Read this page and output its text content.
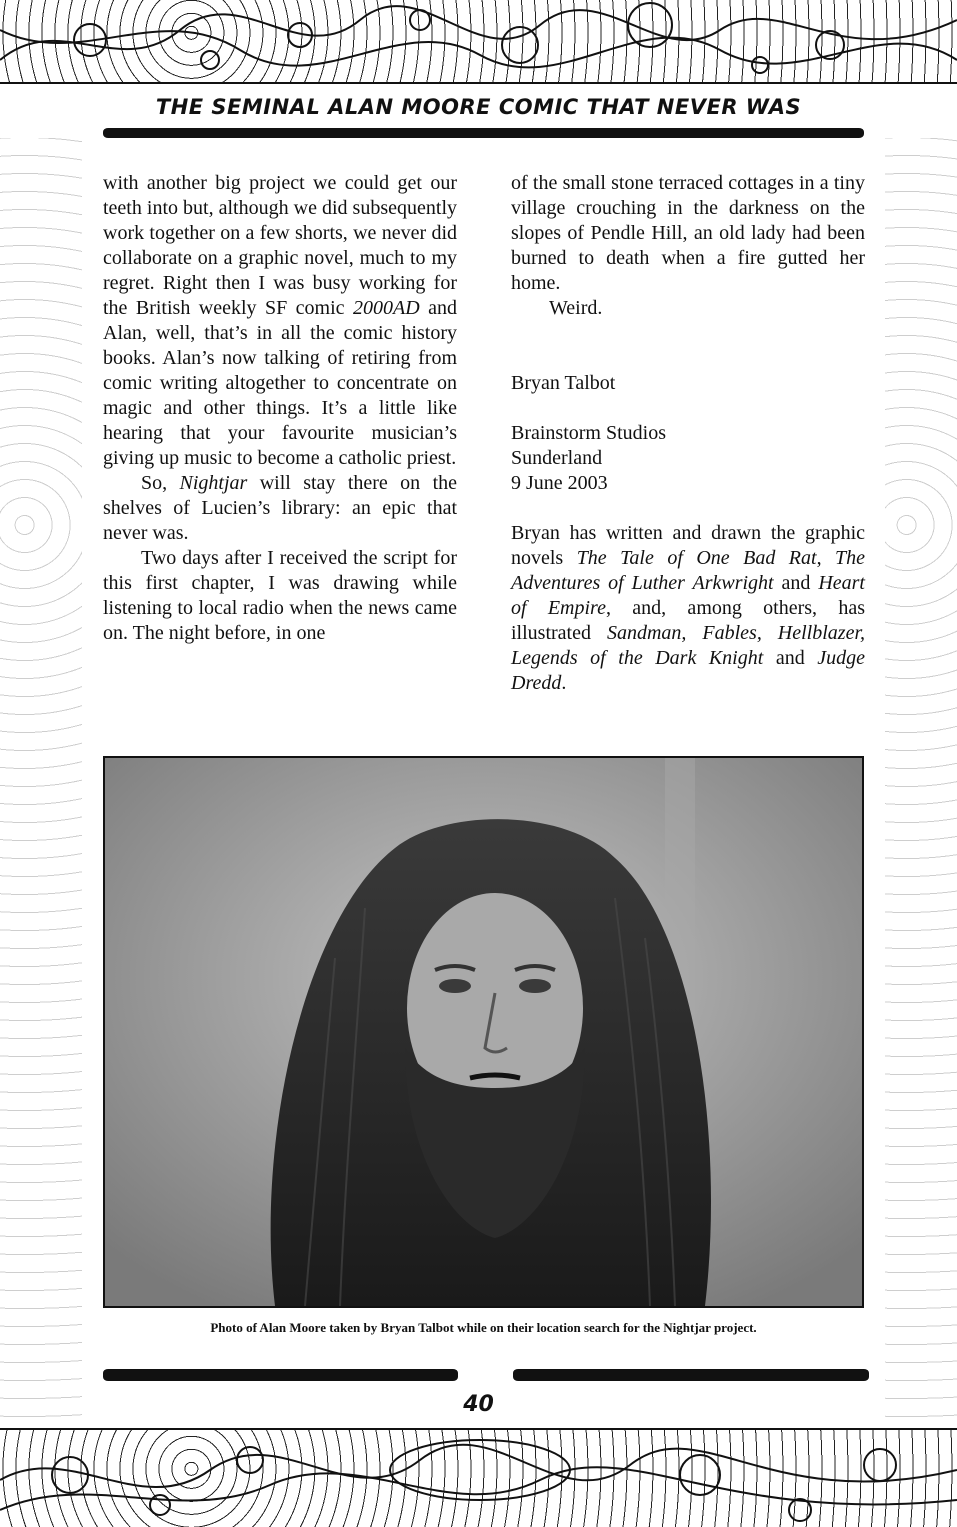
THE SEMINAL ALAN MOORE COMIC THAT NEVER WAS

with another big project we could get our teeth into but, although we did subsequently work together on a few shorts, we never did collaborate on a graphic novel, much to my regret. Right then I was busy working for the British weekly SF comic 2000AD and Alan, well, that’s in all the comic history books. Alan’s now talking of retiring from comic writing altogether to concentrate on magic and other things. It’s a little like hearing that your favourite musician’s giving up music to become a catholic priest.

So, Nightjar will stay there on the shelves of Lucien’s library: an epic that never was.

Two days after I received the script for this first chapter, I was drawing while listening to local radio when the news came on. The night before, in one

of the small stone terraced cottages in a tiny village crouching in the darkness on the slopes of Pendle Hill, an old lady had been burned to death when a fire gutted her home.

Weird.

Bryan Talbot

Brainstorm Studios

Sunderland

9 June 2003

Bryan has written and drawn the graphic novels The Tale of One Bad Rat, The Adventures of Luther Arkwright and Heart of Empire, and, among others, has illustrated Sandman, Fables, Hellblazer, Legends of the Dark Knight and Judge Dredd.

Photo of Alan Moore taken by Bryan Talbot while on their location search for the Nightjar project.
40
